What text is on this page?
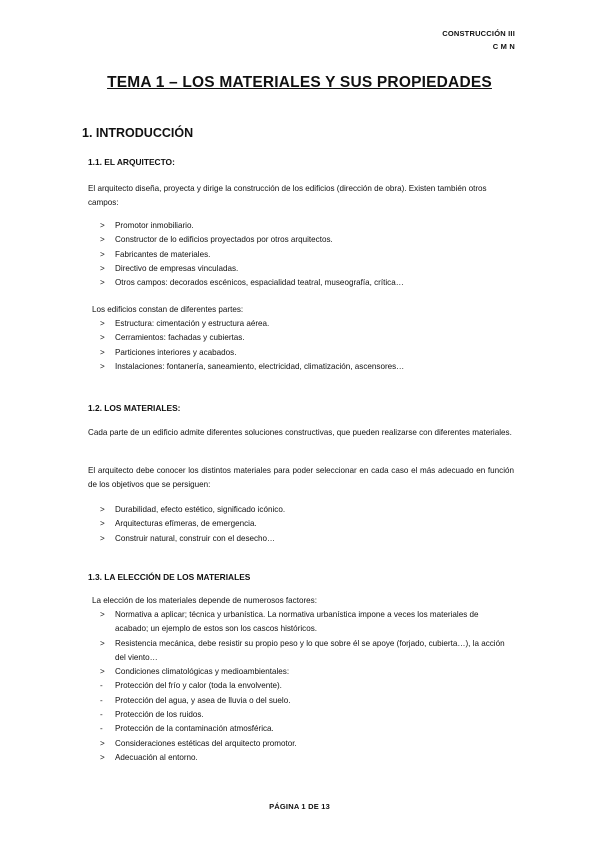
CONSTRUCCIÓN III
C M N
TEMA 1 – LOS MATERIALES Y SUS PROPIEDADES
1. INTRODUCCIÓN
1.1. EL ARQUITECTO:
El arquitecto diseña, proyecta y dirige la construcción de los edificios (dirección de obra). Existen también otros campos:
>	Promotor inmobiliario.
>	Constructor de lo edificios proyectados por otros arquitectos.
>	Fabricantes de materiales.
>	Directivo de empresas vinculadas.
>	Otros campos: decorados escénicos, espacialidad teatral, museografía, crítica…
Los edificios constan de diferentes partes:
>	Estructura: cimentación y estructura aérea.
>	Cerramientos: fachadas y cubiertas.
>	Particiones interiores y acabados.
>	Instalaciones: fontanería, saneamiento, electricidad, climatización, ascensores…
1.2. LOS MATERIALES:
Cada parte de un edificio admite diferentes soluciones constructivas, que pueden realizarse con diferentes materiales.
El arquitecto debe conocer los distintos materiales para poder seleccionar en cada caso el más adecuado en función de los objetivos que se persiguen:
>	Durabilidad, efecto estético, significado icónico.
>	Arquitecturas efímeras, de emergencia.
>	Construir natural, construir con el desecho…
1.3. LA ELECCIÓN DE LOS MATERIALES
La elección de los materiales depende de numerosos factores:
>	Normativa a aplicar; técnica y urbanística. La normativa urbanística impone a veces los materiales de acabado; un ejemplo de estos son los cascos históricos.
>	Resistencia mecánica, debe resistir su propio peso y lo que sobre él se apoye (forjado, cubierta…), la acción del viento…
>	Condiciones climatológicas y medioambientales:
-	Protección del frío y calor (toda la envolvente).
-	Protección del agua, y asea de lluvia o del suelo.
-	Protección de los ruidos.
-	Protección de la contaminación atmosférica.
>	Consideraciones estéticas del arquitecto promotor.
>	Adecuación al entorno.
PÁGINA 1 DE 13
